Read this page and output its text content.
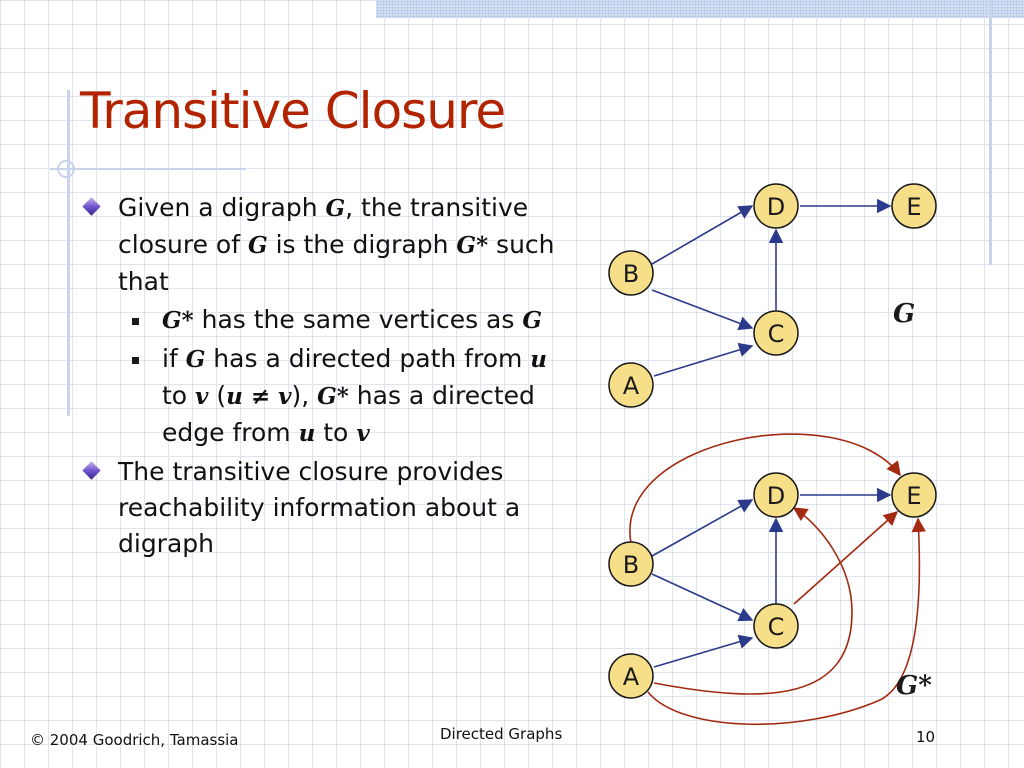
Transitive Closure
Given a digraph G, the transitive closure of G is the digraph G* such that
G* has the same vertices as G
if G has a directed path from u to v (u ≠ v), G* has a directed edge from u to v
The transitive closure provides reachability information about a digraph
D	E
B
C
A
G
D	E
B
C
A	G*
© 2004 Goodrich, Tamassia	Directed Graphs	10
